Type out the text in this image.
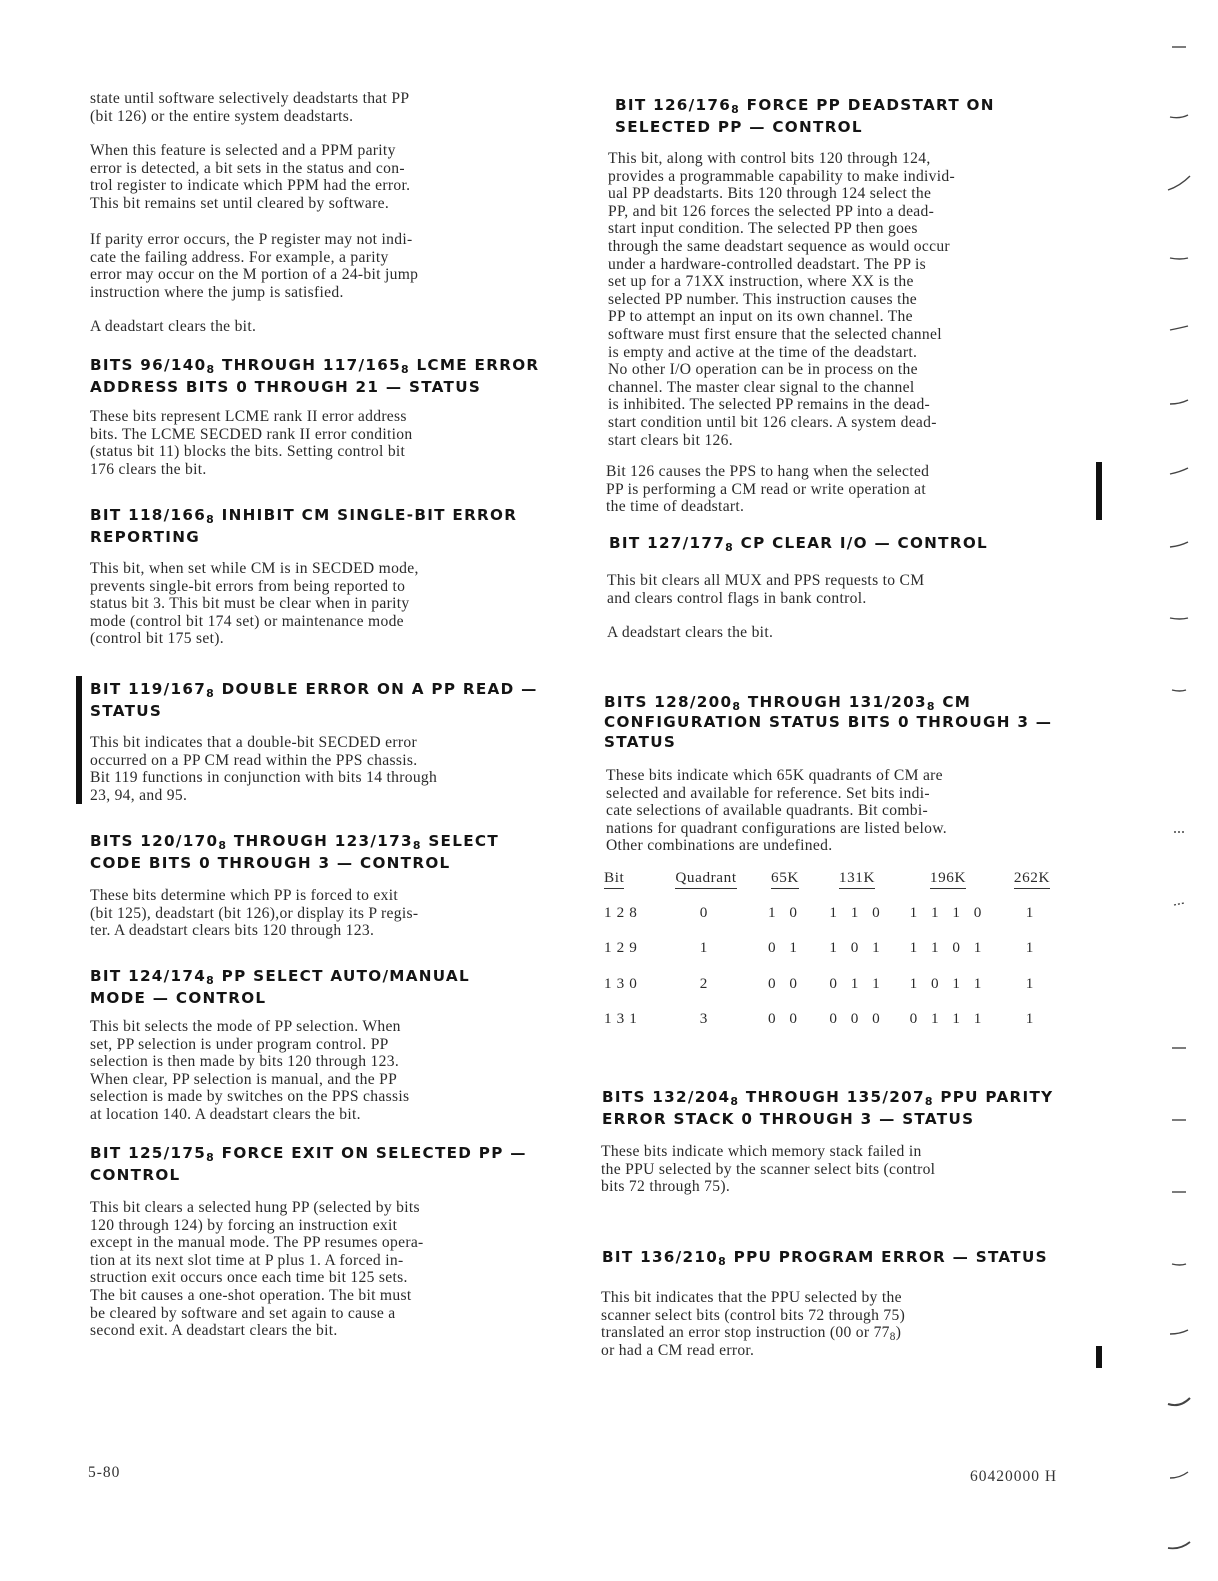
state until software selectively deadstarts that PP
(bit 126) or the entire system deadstarts.

When this feature is selected and a PPM parity
error is detected, a bit sets in the status and con-
trol register to indicate which PPM had the error.
This bit remains set until cleared by software.

If parity error occurs, the P register may not indi-
cate the failing address. For example, a parity
error may occur on the M portion of a 24-bit jump
instruction where the jump is satisfied.

A deadstart clears the bit.

BITS $96/140_8$ THROUGH $117/165_8$ LCME ERROR
ADDRESS BITS 0 THROUGH 21 — STATUS

These bits represent LCME rank II error address
bits. The LCME SECDED rank II error condition
(status bit 11) blocks the bits. Setting control bit
176 clears the bit.

BIT $118/166_8$ INHIBIT CM SINGLE-BIT ERROR
REPORTING

This bit, when set while CM is in SECDED mode,
prevents single-bit errors from being reported to
status bit 3. This bit must be clear when in parity
mode (control bit 174 set) or maintenance mode
(control bit 175 set).

BIT $119/167_8$ DOUBLE ERROR ON A PP READ —
STATUS

This bit indicates that a double-bit SECDED error
occurred on a PP CM read within the PPS chassis.
Bit 119 functions in conjunction with bits 14 through
23, 94, and 95.

BITS $120/170_8$ THROUGH $123/173_8$ SELECT
CODE BITS 0 THROUGH 3 — CONTROL

These bits determine which PP is forced to exit
(bit 125), deadstart (bit 126),or display its P regis-
ter. A deadstart clears bits 120 through 123.

BIT $124/174_8$ PP SELECT AUTO/MANUAL
MODE — CONTROL

This bit selects the mode of PP selection. When
set, PP selection is under program control. PP
selection is then made by bits 120 through 123.
When clear, PP selection is manual, and the PP
selection is made by switches on the PPS chassis
at location 140. A deadstart clears the bit.

BIT $125/175_8$ FORCE EXIT ON SELECTED PP —
CONTROL

This bit clears a selected hung PP (selected by bits
120 through 124) by forcing an instruction exit
except in the manual mode. The PP resumes opera-
tion at its next slot time at P plus 1. A forced in-
struction exit occurs once each time bit 125 sets.
The bit causes a one-shot operation. The bit must
be cleared by software and set again to cause a
second exit. A deadstart clears the bit.

BIT $126/176_8$ FORCE PP DEADSTART ON
SELECTED PP — CONTROL

This bit, along with control bits 120 through 124,
provides a programmable capability to make individ-
ual PP deadstarts. Bits 120 through 124 select the
PP, and bit 126 forces the selected PP into a dead-
start input condition. The selected PP then goes
through the same deadstart sequence as would occur
under a hardware-controlled deadstart. The PP is
set up for a 71XX instruction, where XX is the
selected PP number. This instruction causes the
PP to attempt an input on its own channel. The
software must first ensure that the selected channel
is empty and active at the time of the deadstart.
No other I/O operation can be in process on the
channel. The master clear signal to the channel
is inhibited. The selected PP remains in the dead-
start condition until bit 126 clears. A system dead-
start clears bit 126.

Bit 126 causes the PPS to hang when the selected
PP is performing a CM read or write operation at
the time of deadstart.

BIT $127/177_8$ CP CLEAR I/O — CONTROL

This bit clears all MUX and PPS requests to CM
and clears control flags in bank control.

A deadstart clears the bit.

BITS $128/200_8$ THROUGH $131/203_8$ CM
CONFIGURATION STATUS BITS 0 THROUGH 3 —
STATUS

These bits indicate which 65K quadrants of CM are
selected and available for reference. Set bits indi-
cate selections of available quadrants. Bit combi-
nations for quadrant configurations are listed below.
Other combinations are undefined.

Bit	Quadrant	65K	131K	196K	262K
128	0	1 0	1 1 0	1 1 1 0	1
129	1	0 1	1 0 1	1 1 0 1	1
130	2	0 0	0 1 1	1 0 1 1	1
131	3	0 0	0 0 0	0 1 1 1	1
BITS $132/204_8$ THROUGH $135/207_8$ PPU PARITY
ERROR STACK 0 THROUGH 3 — STATUS

These bits indicate which memory stack failed in
the PPU selected by the scanner select bits (control
bits 72 through 75).

BIT $136/210_8$ PPU PROGRAM ERROR — STATUS

This bit indicates that the PPU selected by the
scanner select bits (control bits 72 through 75)
translated an error stop instruction (00 or $77_8$)
or had a CM read error.

5-80	60420000 H
